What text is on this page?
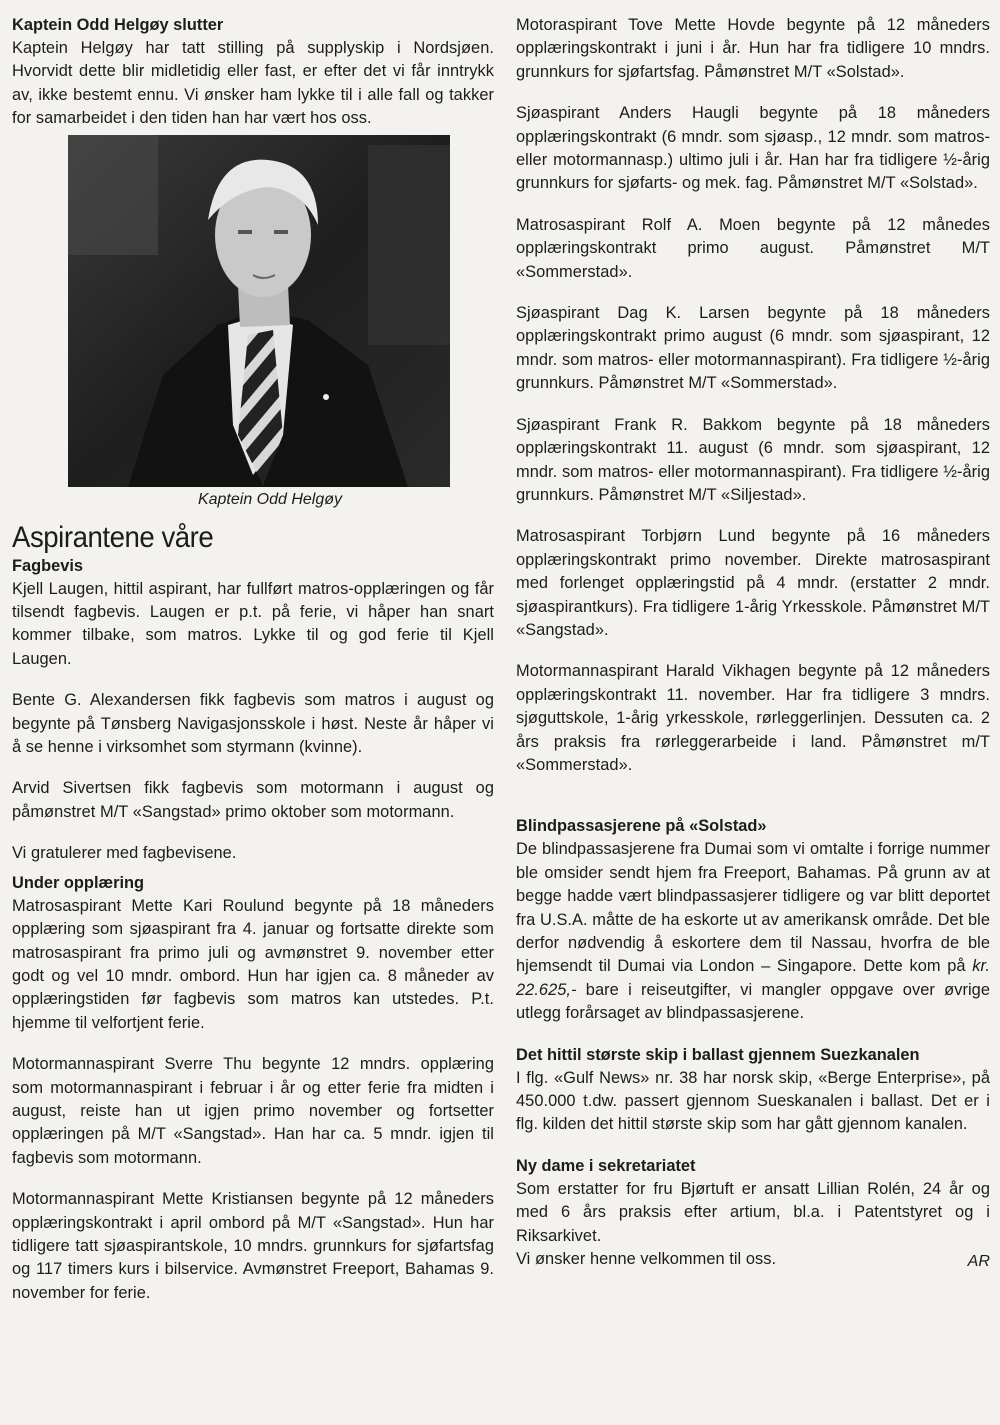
Kaptein Odd Helgøy slutter

Kaptein Helgøy har tatt stilling på supplyskip i Nordsjøen. Hvorvidt dette blir midletidig eller fast, er efter det vi får inntrykk av, ikke bestemt ennu. Vi ønsker ham lykke til i alle fall og takker for samarbeidet i den tiden han har vært hos oss.

Kaptein Odd Helgøy
Aspirantene våre
Fagbevis

Kjell Laugen, hittil aspirant, har fullført matros-opplæringen og får tilsendt fagbevis. Laugen er p.t. på ferie, vi håper han snart kommer tilbake, som matros. Lykke til og god ferie til Kjell Laugen.

Bente G. Alexandersen fikk fagbevis som matros i august og begynte på Tønsberg Navigasjonsskole i høst. Neste år håper vi å se henne i virksomhet som styrmann (kvinne).

Arvid Sivertsen fikk fagbevis som motormann i august og påmønstret M/T «Sangstad» primo oktober som motormann.

Vi gratulerer med fagbevisene.

Under opplæring

Matrosaspirant Mette Kari Roulund begynte på 18 måneders opplæring som sjøaspirant fra 4. januar og fortsatte direkte som matrosaspirant fra primo juli og avmønstret 9. november etter godt og vel 10 mndr. ombord. Hun har igjen ca. 8 måneder av opplæringstiden før fagbevis som matros kan utstedes. P.t. hjemme til velfortjent ferie.

Motormannaspirant Sverre Thu begynte 12 mndrs. opplæring som motormannaspirant i februar i år og etter ferie fra midten i august, reiste han ut igjen primo november og fortsetter opplæringen på M/T «Sangstad». Han har ca. 5 mndr. igjen til fagbevis som motormann.

Motormannaspirant Mette Kristiansen begynte på 12 måneders opplæringskontrakt i april ombord på M/T «Sangstad». Hun har tidligere tatt sjøaspirantskole, 10 mndrs. grunnkurs for sjøfartsfag og 117 timers kurs i bilservice. Avmønstret Freeport, Bahamas 9. november for ferie.

Motoraspirant Tove Mette Hovde begynte på 12 måneders opplæringskontrakt i juni i år. Hun har fra tidligere 10 mndrs. grunnkurs for sjøfartsfag. Påmønstret M/T «Solstad».

Sjøaspirant Anders Haugli begynte på 18 måneders opplæringskontrakt (6 mndr. som sjøasp., 12 mndr. som matros- eller motormannasp.) ultimo juli i år. Han har fra tidligere ½-årig grunnkurs for sjøfarts- og mek. fag. Påmønstret M/T «Solstad».

Matrosaspirant Rolf A. Moen begynte på 12 månedes opplæringskontrakt primo august. Påmønstret M/T «Sommerstad».

Sjøaspirant Dag K. Larsen begynte på 18 måneders opplæringskontrakt primo august (6 mndr. som sjøaspirant, 12 mndr. som matros- eller motormannaspirant). Fra tidligere ½-årig grunnkurs. Påmønstret M/T «Sommerstad».

Sjøaspirant Frank R. Bakkom begynte på 18 måneders opplæringskontrakt 11. august (6 mndr. som sjøaspirant, 12 mndr. som matros- eller motormannaspirant). Fra tidligere ½-årig grunnkurs. Påmønstret M/T «Siljestad».

Matrosaspirant Torbjørn Lund begynte på 16 måneders opplæringskontrakt primo november. Direkte matrosaspirant med forlenget opplæringstid på 4 mndr. (erstatter 2 mndr. sjøaspirantkurs). Fra tidligere 1-årig Yrkesskole. Påmønstret M/T «Sangstad».

Motormannaspirant Harald Vikhagen begynte på 12 måneders opplæringskontrakt 11. november. Har fra tidligere 3 mndrs. sjøguttskole, 1-årig yrkesskole, rørleggerlinjen. Dessuten ca. 2 års praksis fra rørleggerarbeide i land. Påmønstret m/T «Sommerstad».

Blindpassasjerene på «Solstad»

De blindpassasjerene fra Dumai som vi omtalte i forrige nummer ble omsider sendt hjem fra Freeport, Bahamas. På grunn av at begge hadde vært blindpassasjerer tidligere og var blitt deportet fra U.S.A. måtte de ha eskorte ut av amerikansk område. Det ble derfor nødvendig å eskortere dem til Nassau, hvorfra de ble hjemsendt til Dumai via London – Singapore. Dette kom på kr. 22.625,- bare i reiseutgifter, vi mangler oppgave over øvrige utlegg forårsaget av blindpassasjerene.

Det hittil største skip i ballast gjennem Suezkanalen

I flg. «Gulf News» nr. 38 har norsk skip, «Berge Enterprise», på 450.000 t.dw. passert gjennom Sueskanalen i ballast. Det er i flg. kilden det hittil største skip som har gått gjennom kanalen.

Ny dame i sekretariatet

Som erstatter for fru Bjørtuft er ansatt Lillian Rolén, 24 år og med 6 års praksis efter artium, bl.a. i Patentstyret og i Riksarkivet.

Vi ønsker henne velkommen til oss.	AR
